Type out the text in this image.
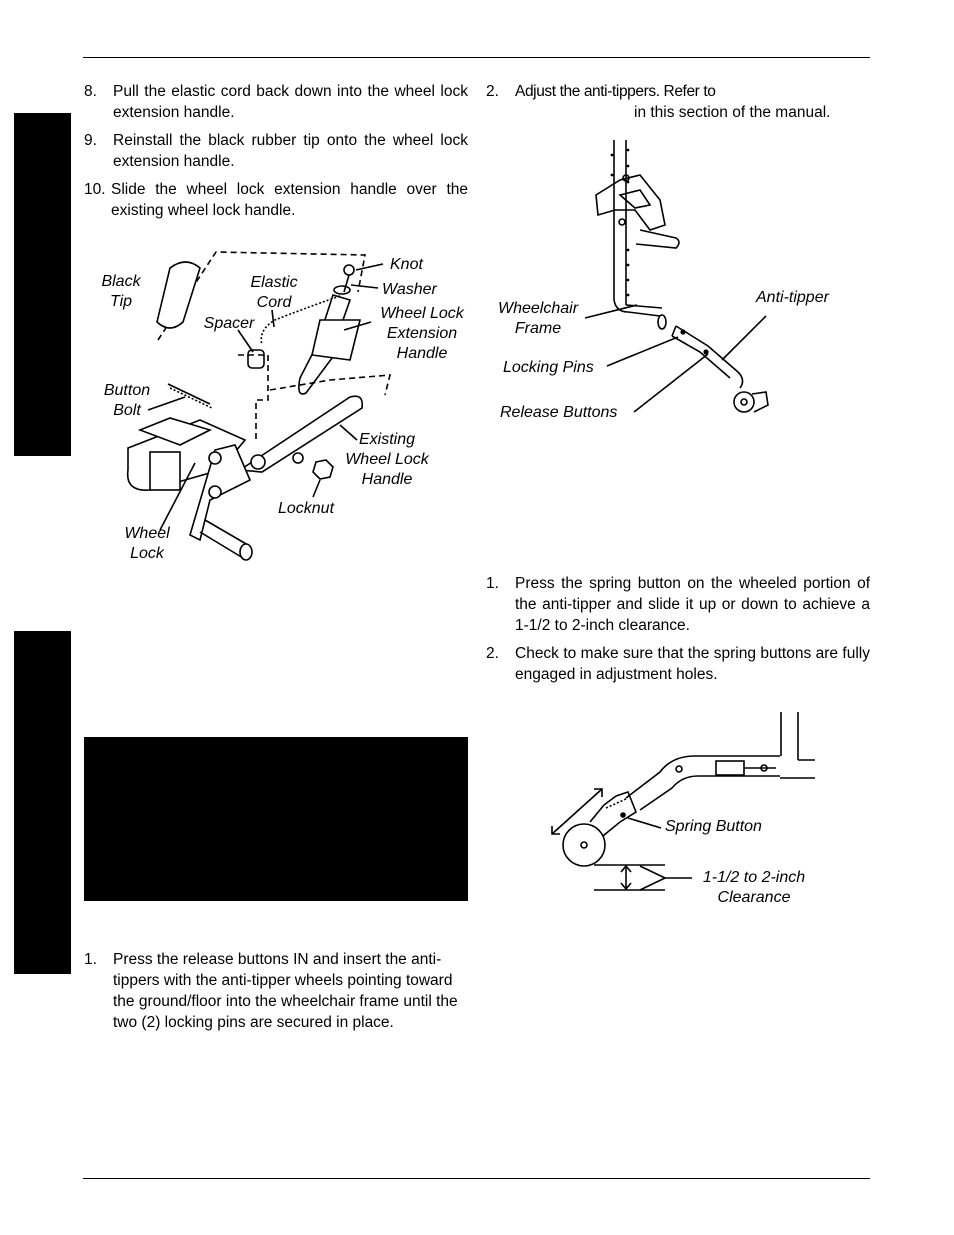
8. Pull the elastic cord back down into the wheel lock extension handle.
9. Reinstall the black rubber tip onto the wheel lock extension handle.
10. Slide the wheel lock extension handle over the existing wheel lock handle.
Black
Tip
Elastic
Cord
Knot
Washer
Wheel Lock
Extension
Handle
Spacer
Button
Bolt
Existing
Wheel Lock
Handle
Locknut
Wheel
Lock
1. Press the release buttons IN and insert the anti-tippers with the anti-tipper wheels pointing toward the ground/floor into the wheelchair frame until the two (2) locking pins are secured in place.
2. Adjust the anti-tippers. Refer to
in this section of the manual.
Wheelchair
Frame
Anti-tipper
Locking Pins
Release Buttons
1. Press the spring button on the wheeled portion of the anti-tipper and slide it up or down to achieve a 1-1/2 to 2-inch clearance.
2. Check to make sure that the spring buttons are fully engaged in adjustment holes.
Spring Button
1-1/2 to 2-inch
Clearance
